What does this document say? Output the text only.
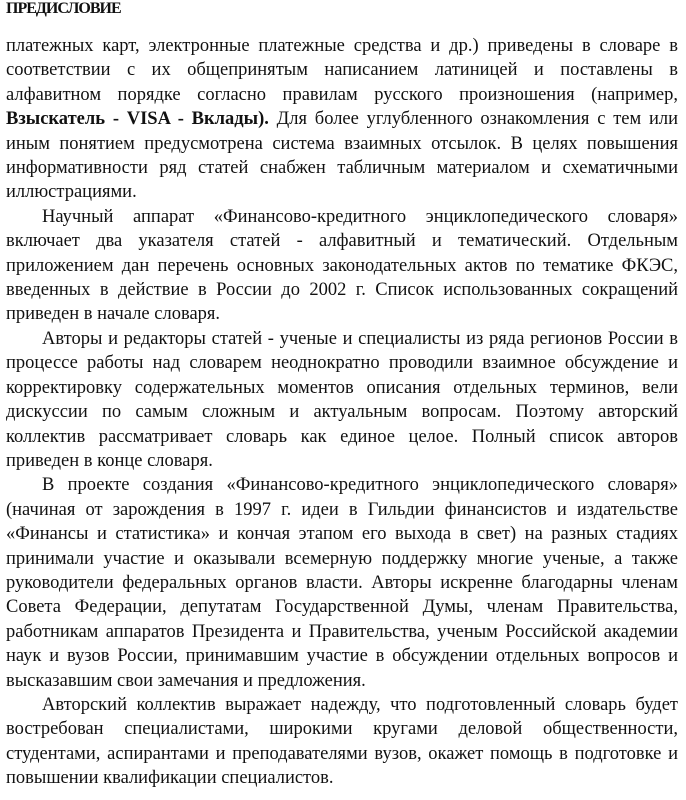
ПРЕДИСЛОВИЕ

платежных карт, электронные платежные средства и др.) приведены в словаре в соответствии с их общепринятым написанием латиницей и поставлены в алфавитном порядке согласно правилам русского произношения (например, Взыскатель - VISA - Вклады). Для более углубленного ознакомления с тем или иным понятием предусмотрена система взаимных отсылок. В целях повышения информативности ряд статей снабжен табличным материалом и схематичными иллюстрациями.

Научный аппарат «Финансово-кредитного энциклопедического словаря» включает два указателя статей - алфавитный и тематический. Отдельным приложением дан перечень основных законодательных актов по тематике ФКЭС, введенных в действие в России до 2002 г. Список использованных сокращений приведен в начале словаря.

Авторы и редакторы статей - ученые и специалисты из ряда регионов России в процессе работы над словарем неоднократно проводили взаимное обсуждение и корректировку содержательных моментов описания отдельных терминов, вели дискуссии по самым сложным и актуальным вопросам. Поэтому авторский коллектив рассматривает словарь как единое целое. Полный список авторов приведен в конце словаря.

В проекте создания «Финансово-кредитного энциклопедического словаря» (начиная от зарождения в 1997 г. идеи в Гильдии финансистов и издательстве «Финансы и статистика» и кончая этапом его выхода в свет) на разных стадиях принимали участие и оказывали всемерную поддержку многие ученые, а также руководители федеральных органов власти. Авторы искренне благодарны членам Совета Федерации, депутатам Государственной Думы, членам Правительства, работникам аппаратов Президента и Правительства, ученым Российской академии наук и вузов России, принимавшим участие в обсуждении отдельных вопросов и высказавшим свои замечания и предложения.

Авторский коллектив выражает надежду, что подготовленный словарь будет востребован специалистами, широкими кругами деловой общественности, студентами, аспирантами и преподавателями вузов, окажет помощь в подготовке и повышении квалификации специалистов.
